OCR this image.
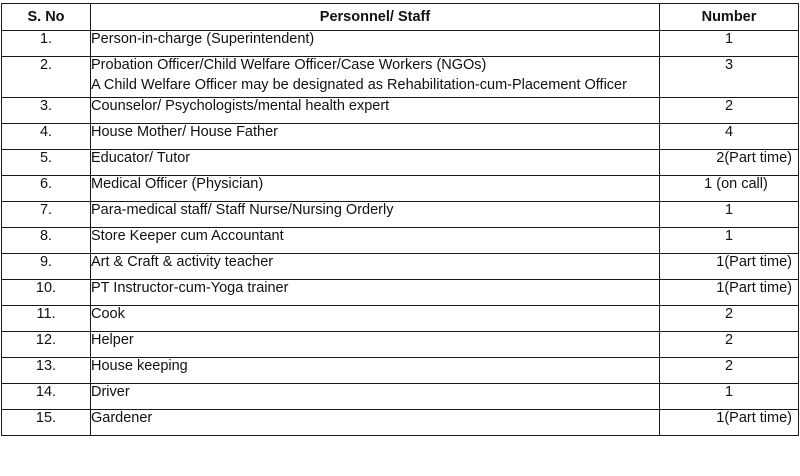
S. No	Personnel/ Staff	Number
1.	Person-in-charge (Superintendent)	1

2.	Probation Officer/Child Welfare Officer/Case Workers (NGOs)
A Child Welfare Officer may be designated as Rehabilitation-cum-Placement Officer	3

3.	Counselor/ Psychologists/mental health expert	2

4.	House Mother/ House Father	4

5.	Educator/ Tutor	2(Part time)

6.	Medical Officer (Physician)	1 (on call)

7.	Para-medical staff/ Staff Nurse/Nursing Orderly	1

8.	Store Keeper cum Accountant	1

9.	Art & Craft & activity teacher	1(Part time)

10.	PT Instructor-cum-Yoga trainer	1(Part time)

11.	Cook	2

12.	Helper	2

13.	House keeping	2

14.	Driver	1

15.	Gardener	1(Part time)
